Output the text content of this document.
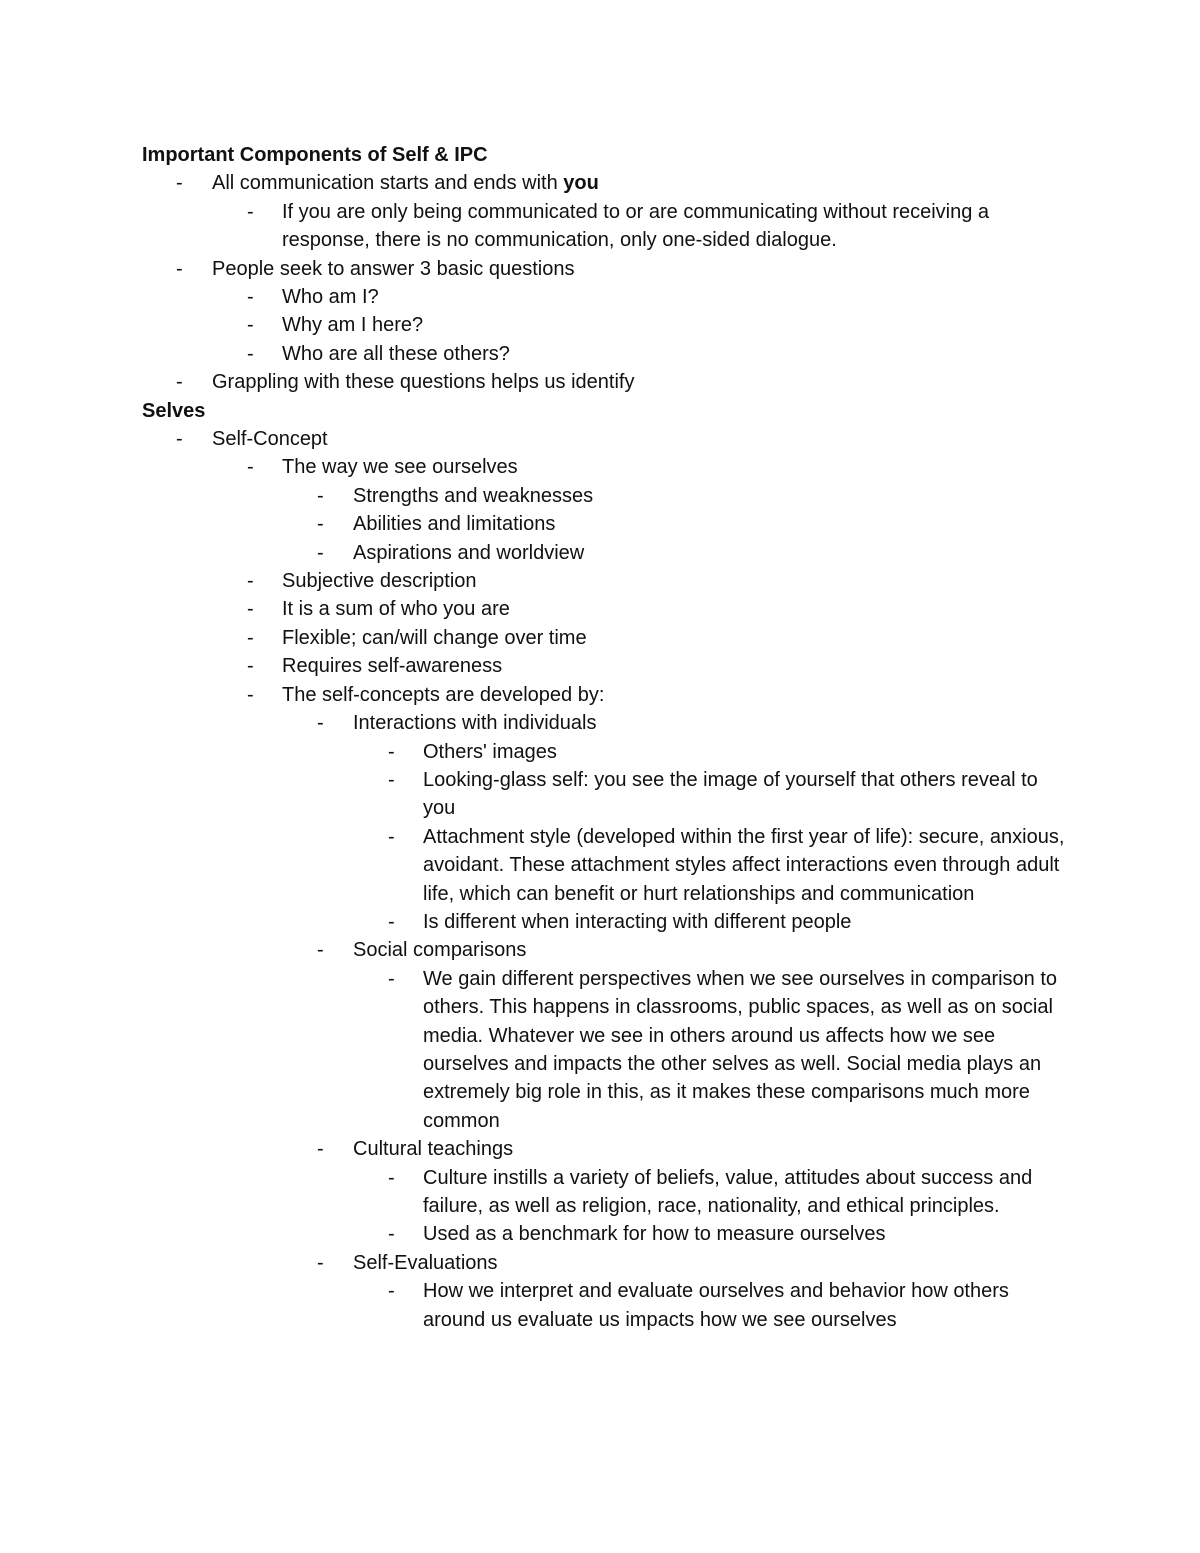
Important Components of Self & IPC
-	All communication starts and ends with you
-	If you are only being communicated to or are communicating without receiving a response, there is no communication, only one-sided dialogue.
-	People seek to answer 3 basic questions
-	Who am I?
-	Why am I here?
-	Who are all these others?
-	Grappling with these questions helps us identify
Selves
-	Self-Concept
-	The way we see ourselves
-	Strengths and weaknesses
-	Abilities and limitations
-	Aspirations and worldview
-	Subjective description
-	It is a sum of who you are
-	Flexible; can/will change over time
-	Requires self-awareness
-	The self-concepts are developed by:
-	Interactions with individuals
-	Others' images
-	Looking-glass self: you see the image of yourself that others reveal to you
-	Attachment style (developed within the first year of life): secure, anxious, avoidant. These attachment styles affect interactions even through adult life, which can benefit or hurt relationships and communication
-	Is different when interacting with different people
-	Social comparisons
-	We gain different perspectives when we see ourselves in comparison to others. This happens in classrooms, public spaces, as well as on social media. Whatever we see in others around us affects how we see ourselves and impacts the other selves as well. Social media plays an extremely big role in this, as it makes these comparisons much more common
-	Cultural teachings
-	Culture instills a variety of beliefs, value, attitudes about success and failure, as well as religion, race, nationality, and ethical principles.
-	Used as a benchmark for how to measure ourselves
-	Self-Evaluations
-	How we interpret and evaluate ourselves and behavior how others around us evaluate us impacts how we see ourselves
